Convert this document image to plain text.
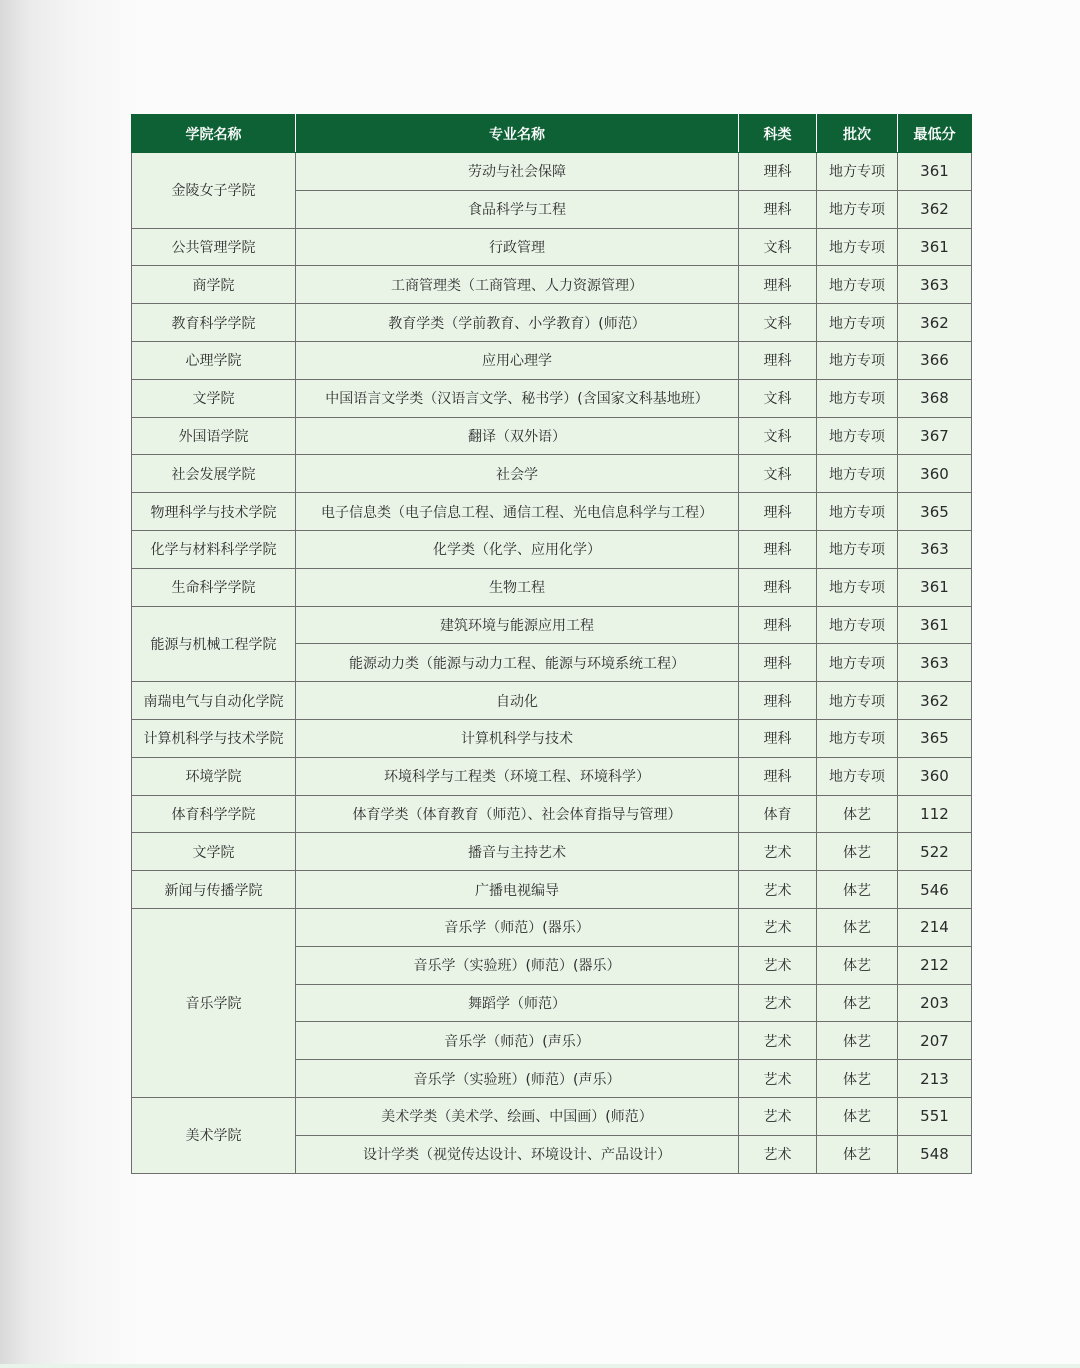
学院名称	专业名称	科类	批次	最低分
金陵女子学院	劳动与社会保障	理科	地方专项	361
	食品科学与工程	理科	地方专项	362
公共管理学院	行政管理	文科	地方专项	361
商学院	工商管理类（工商管理、人力资源管理）	理科	地方专项	363
教育科学学院	教育学类（学前教育、小学教育）(师范）	文科	地方专项	362
心理学院	应用心理学	理科	地方专项	366
文学院	中国语言文学类（汉语言文学、秘书学）(含国家文科基地班）	文科	地方专项	368
外国语学院	翻译（双外语）	文科	地方专项	367
社会发展学院	社会学	文科	地方专项	360
物理科学与技术学院	电子信息类（电子信息工程、通信工程、光电信息科学与工程）	理科	地方专项	365
化学与材料科学学院	化学类（化学、应用化学）	理科	地方专项	363
生命科学学院	生物工程	理科	地方专项	361
能源与机械工程学院	建筑环境与能源应用工程	理科	地方专项	361
	能源动力类（能源与动力工程、能源与环境系统工程）	理科	地方专项	363
南瑞电气与自动化学院	自动化	理科	地方专项	362
计算机科学与技术学院	计算机科学与技术	理科	地方专项	365
环境学院	环境科学与工程类（环境工程、环境科学）	理科	地方专项	360
体育科学学院	体育学类（体育教育（师范）、社会体育指导与管理）	体育	体艺	112
文学院	播音与主持艺术	艺术	体艺	522
新闻与传播学院	广播电视编导	艺术	体艺	546
音乐学院	音乐学（师范）(器乐）	艺术	体艺	214
	音乐学（实验班）(师范）(器乐）	艺术	体艺	212
	舞蹈学（师范）	艺术	体艺	203
	音乐学（师范）(声乐）	艺术	体艺	207
	音乐学（实验班）(师范）(声乐）	艺术	体艺	213
美术学院	美术学类（美术学、绘画、中国画）(师范）	艺术	体艺	551
	设计学类（视觉传达设计、环境设计、产品设计）	艺术	体艺	548
